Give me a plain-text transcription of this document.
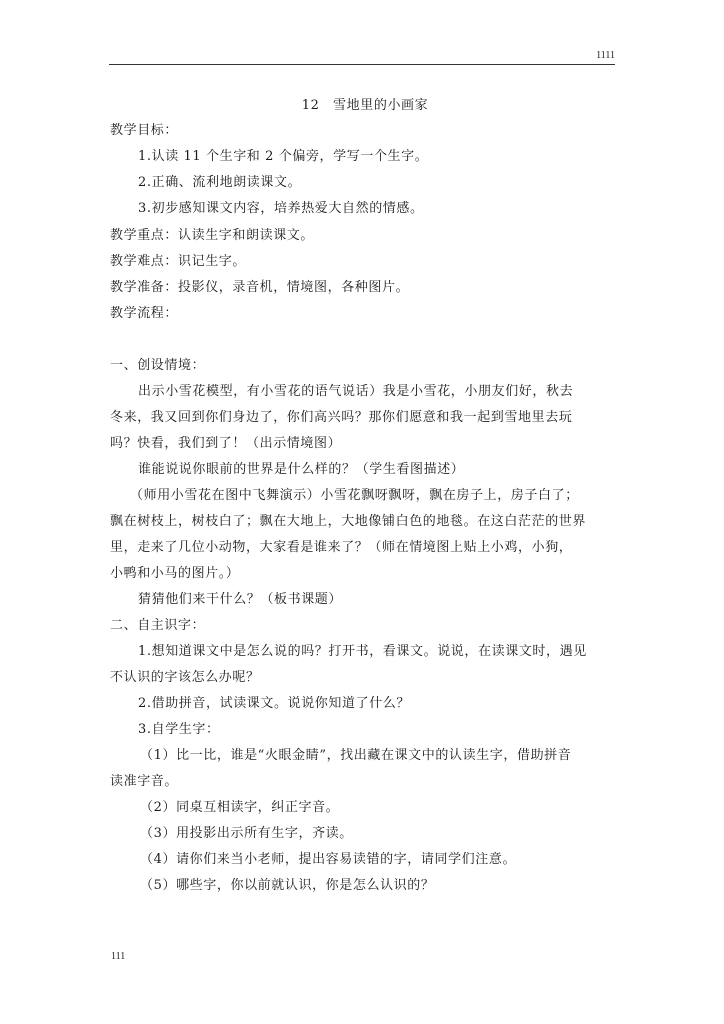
1111
12　雪地里的小画家
教学目标：
1.认读 11 个生字和 2 个偏旁，学写一个生字。
2.正确、流利地朗读课文。
3.初步感知课文内容，培养热爱大自然的情感。
教学重点：认读生字和朗读课文。
教学难点：识记生字。
教学准备：投影仪，录音机，情境图，各种图片。
教学流程：
一、创设情境：
出示小雪花模型，有小雪花的语气说话）我是小雪花，小朋友们好，秋去
冬来，我又回到你们身边了，你们高兴吗？那你们愿意和我一起到雪地里去玩
吗？快看，我们到了！（出示情境图）
谁能说说你眼前的世界是什么样的？（学生看图描述）
（师用小雪花在图中飞舞演示）小雪花飘呀飘呀，飘在房子上，房子白了；
飘在树枝上，树枝白了；飘在大地上，大地像铺白色的地毯。在这白茫茫的世界
里，走来了几位小动物，大家看是谁来了？（师在情境图上贴上小鸡，小狗，
小鸭和小马的图片。）
猜猜他们来干什么？（板书课题）
二、自主识字：
1.想知道课文中是怎么说的吗？打开书，看课文。说说，在读课文时，遇见
不认识的字该怎么办呢？
2.借助拼音，试读课文。说说你知道了什么？
3.自学生字：
（1）比一比，谁是“火眼金睛”，找出藏在课文中的认读生字，借助拼音
读准字音。
（2）同桌互相读字，纠正字音。
（3）用投影出示所有生字，齐读。
（4）请你们来当小老师，提出容易读错的字，请同学们注意。
（5）哪些字，你以前就认识，你是怎么认识的？
111
